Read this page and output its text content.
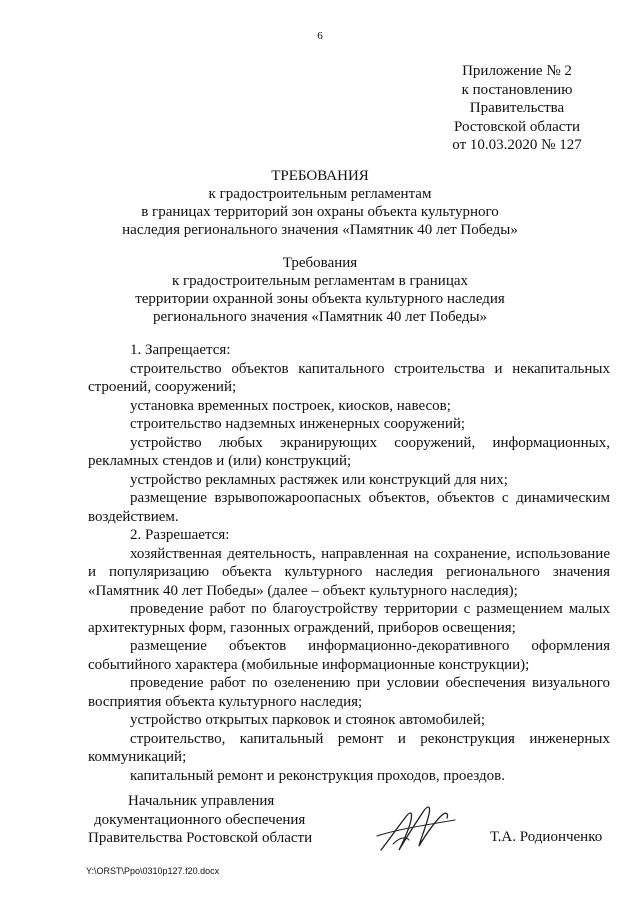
6
Приложение № 2
к постановлению
Правительства
Ростовской области
от 10.03.2020 № 127
ТРЕБОВАНИЯ
к градостроительным регламентам
в границах территорий зон охраны объекта культурного
наследия регионального значения «Памятник 40 лет Победы»
Требования
к градостроительным регламентам в границах
территории охранной зоны объекта культурного наследия
регионального значения «Памятник 40 лет Победы»

1. Запрещается:

строительство объектов капитального строительства и некапитальных строений, сооружений;

установка временных построек, киосков, навесов;

строительство надземных инженерных сооружений;

устройство любых экранирующих сооружений, информационных, рекламных стендов и (или) конструкций;

устройство рекламных растяжек или конструкций для них;

размещение взрывопожароопасных объектов, объектов с динамическим воздействием.

2. Разрешается:

хозяйственная деятельность, направленная на сохранение, использование и популяризацию объекта культурного наследия регионального значения «Памятник 40 лет Победы» (далее – объект культурного наследия);

проведение работ по благоустройству территории с размещением малых архитектурных форм, газонных ограждений, приборов освещения;

размещение объектов информационно-декоративного оформления событийного характера (мобильные информационные конструкции);

проведение работ по озеленению при условии обеспечения визуального восприятия объекта культурного наследия;

устройство открытых парковок и стоянок автомобилей;

строительство, капитальный ремонт и реконструкция инженерных коммуникаций;

капитальный ремонт и реконструкция проходов, проездов.

Начальник управления
документационного обеспечения
Правительства Ростовской области	Т.А. Родионченко
Y:\ORST\Ppo\0310p127.f20.docx
